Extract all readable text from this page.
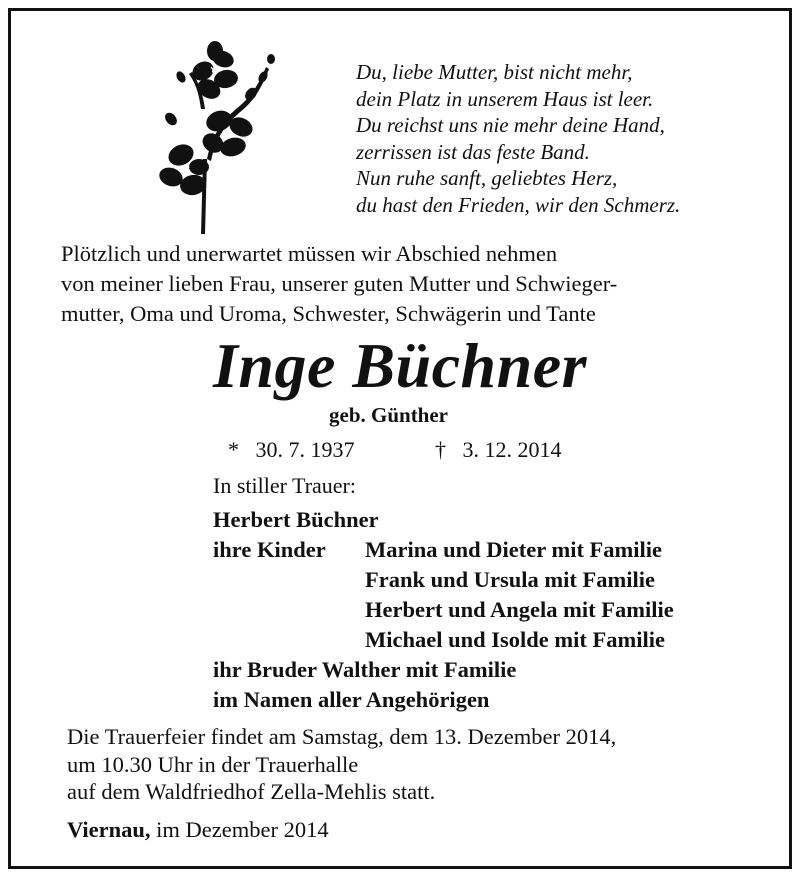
Du, liebe Mutter, bist nicht mehr,
dein Platz in unserem Haus ist leer.
Du reichst uns nie mehr deine Hand,
zerrissen ist das feste Band.
Nun ruhe sanft, geliebtes Herz,
du hast den Frieden, wir den Schmerz.
Plötzlich und unerwartet müssen wir Abschied nehmen
von meiner lieben Frau, unserer guten Mutter und Schwieger-
mutter, Oma und Uroma, Schwester, Schwägerin und Tante
Inge Büchner
geb. Günther
* 30. 7. 1937	† 3. 12. 2014
In stiller Trauer:
Herbert Büchner
ihre Kinder Marina und Dieter mit Familie
Frank und Ursula mit Familie
Herbert und Angela mit Familie
Michael und Isolde mit Familie
ihr Bruder Walther mit Familie
im Namen aller Angehörigen
Die Trauerfeier findet am Samstag, dem 13. Dezember 2014,
um 10.30 Uhr in der Trauerhalle
auf dem Waldfriedhof Zella-Mehlis statt.
Viernau, im Dezember 2014
